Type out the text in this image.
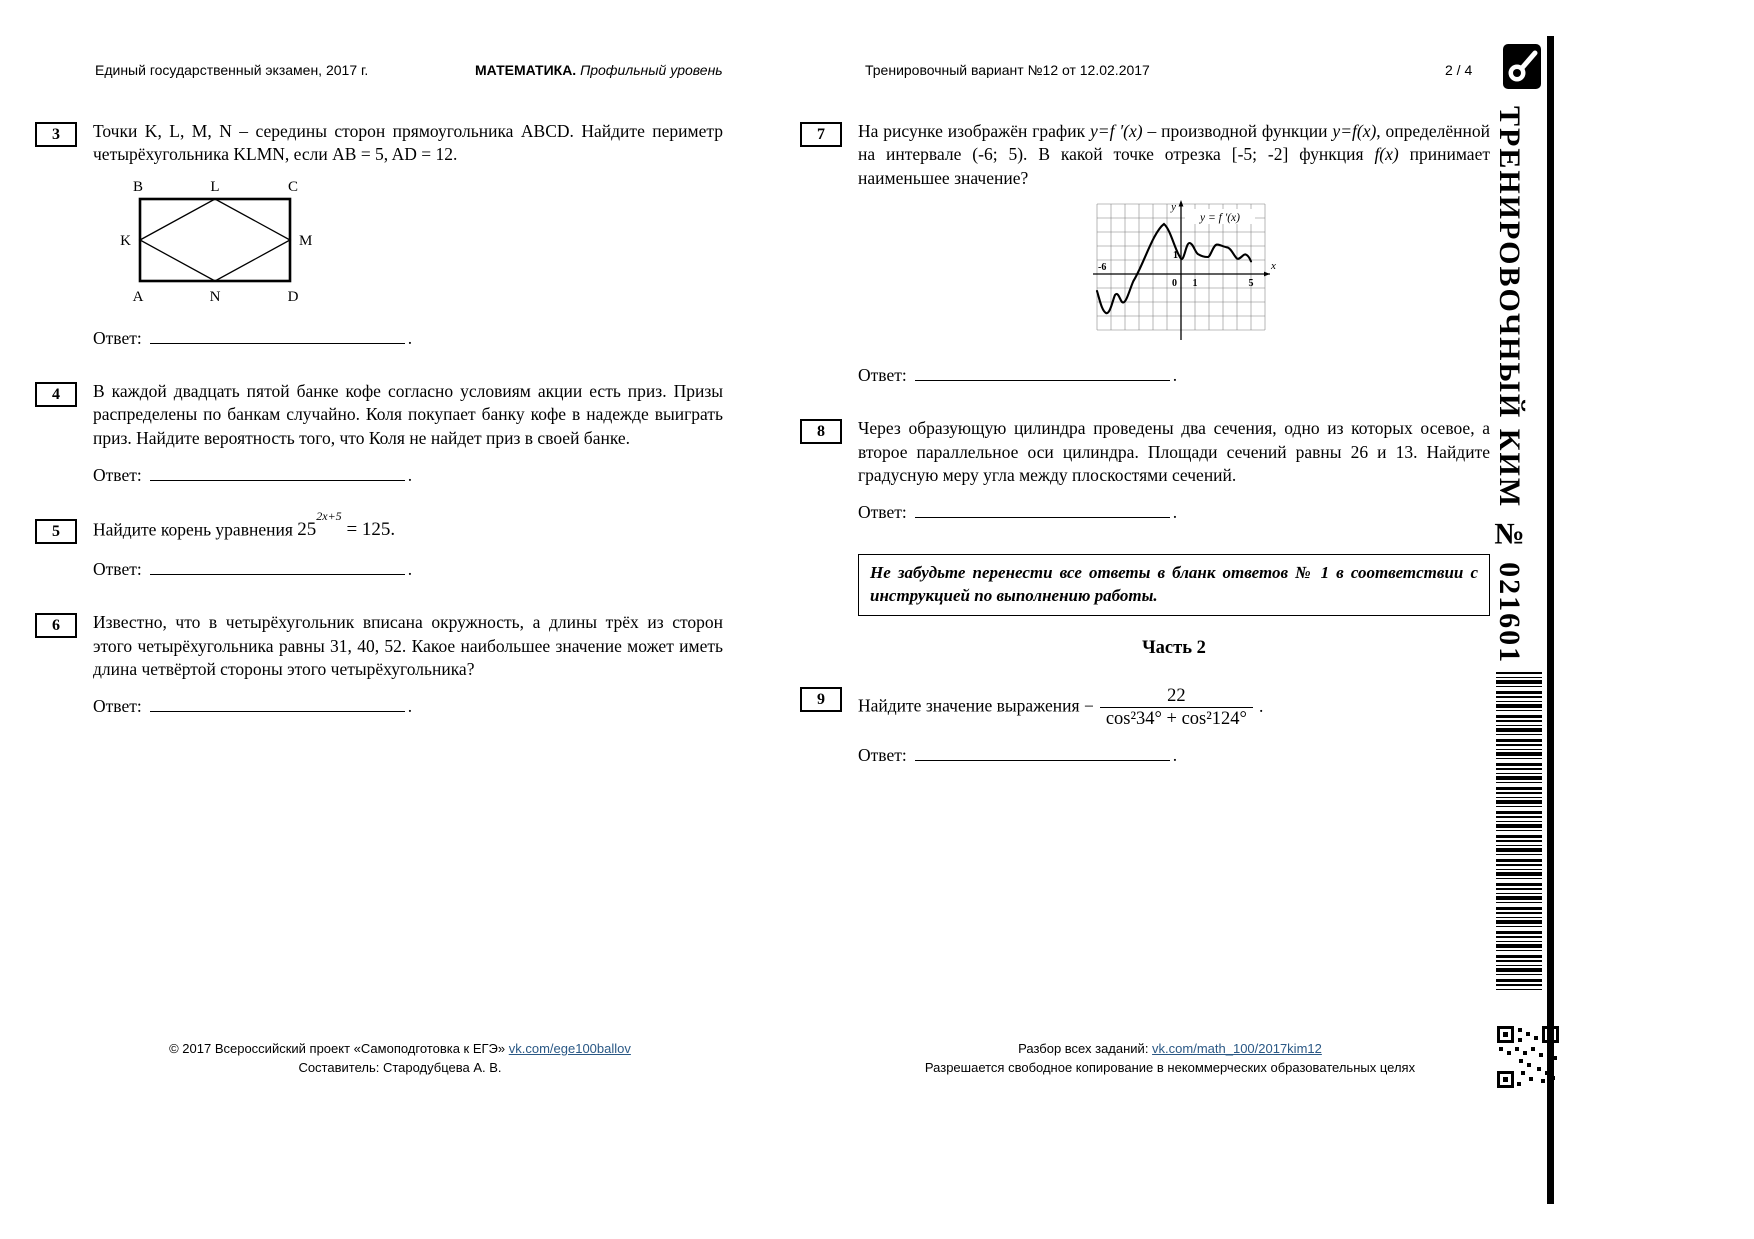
Единый государственный экзамен, 2017 г.	МАТЕМАТИКА. Профильный уровень	Тренировочный вариант №12 от 12.02.2017	2 / 4
3	Точки K, L, M, N – середины сторон прямоугольника ABCD. Найдите периметр четырёхугольника KLMN, если AB = 5, AD = 12.
B	L	C
K	M
A	N	D
Ответ:	.
4	В каждой двадцать пятой банке кофе согласно условиям акции есть приз. Призы распределены по банкам случайно. Коля покупает банку кофе в надежде выиграть приз. Найдите вероятность того, что Коля не найдет приз в своей банке.
Ответ:	.
5	Найдите корень уравнения $25^{2x+5} = 125$.
Ответ:	.
6	Известно, что в четырёхугольник вписана окружность, а длины трёх из сторон этого четырёхугольника равны 31, 40, 52. Какое наибольшее значение может иметь длина четвёртой стороны этого четырёхугольника?
Ответ:	.
7	На рисунке изображён график y=f ′(x) – производной функции y=f(x), определённой на интервале (-6; 5). В какой точке отрезка [-5; -2] функция f(x) принимает наименьшее значение?
y = f ′(x)
y
x
-6
1
0 1	5
Ответ:	.
8	Через образующую цилиндра проведены два сечения, одно из которых осевое, а второе параллельное оси цилиндра. Площади сечений равны 26 и 13. Найдите градусную меру угла между плоскостями сечений.
Ответ:	.
Не забудьте перенести все ответы в бланк ответов № 1 в соответствии с инструкцией по выполнению работы.
Часть 2
9	Найдите значение выражения − $\frac{22}{\text{cos²34° + cos²124°}}$ .
Ответ:	.
ТРЕНИРОВОЧНЫЙ КИМ № 021601
© 2017 Всероссийский проект «Самоподготовка к ЕГЭ» vk.com/ege100ballov
Составитель: Стародубцева А. В.
Разбор всех заданий: vk.com/math_100/2017kim12
Разрешается свободное копирование в некоммерческих образовательных целях
